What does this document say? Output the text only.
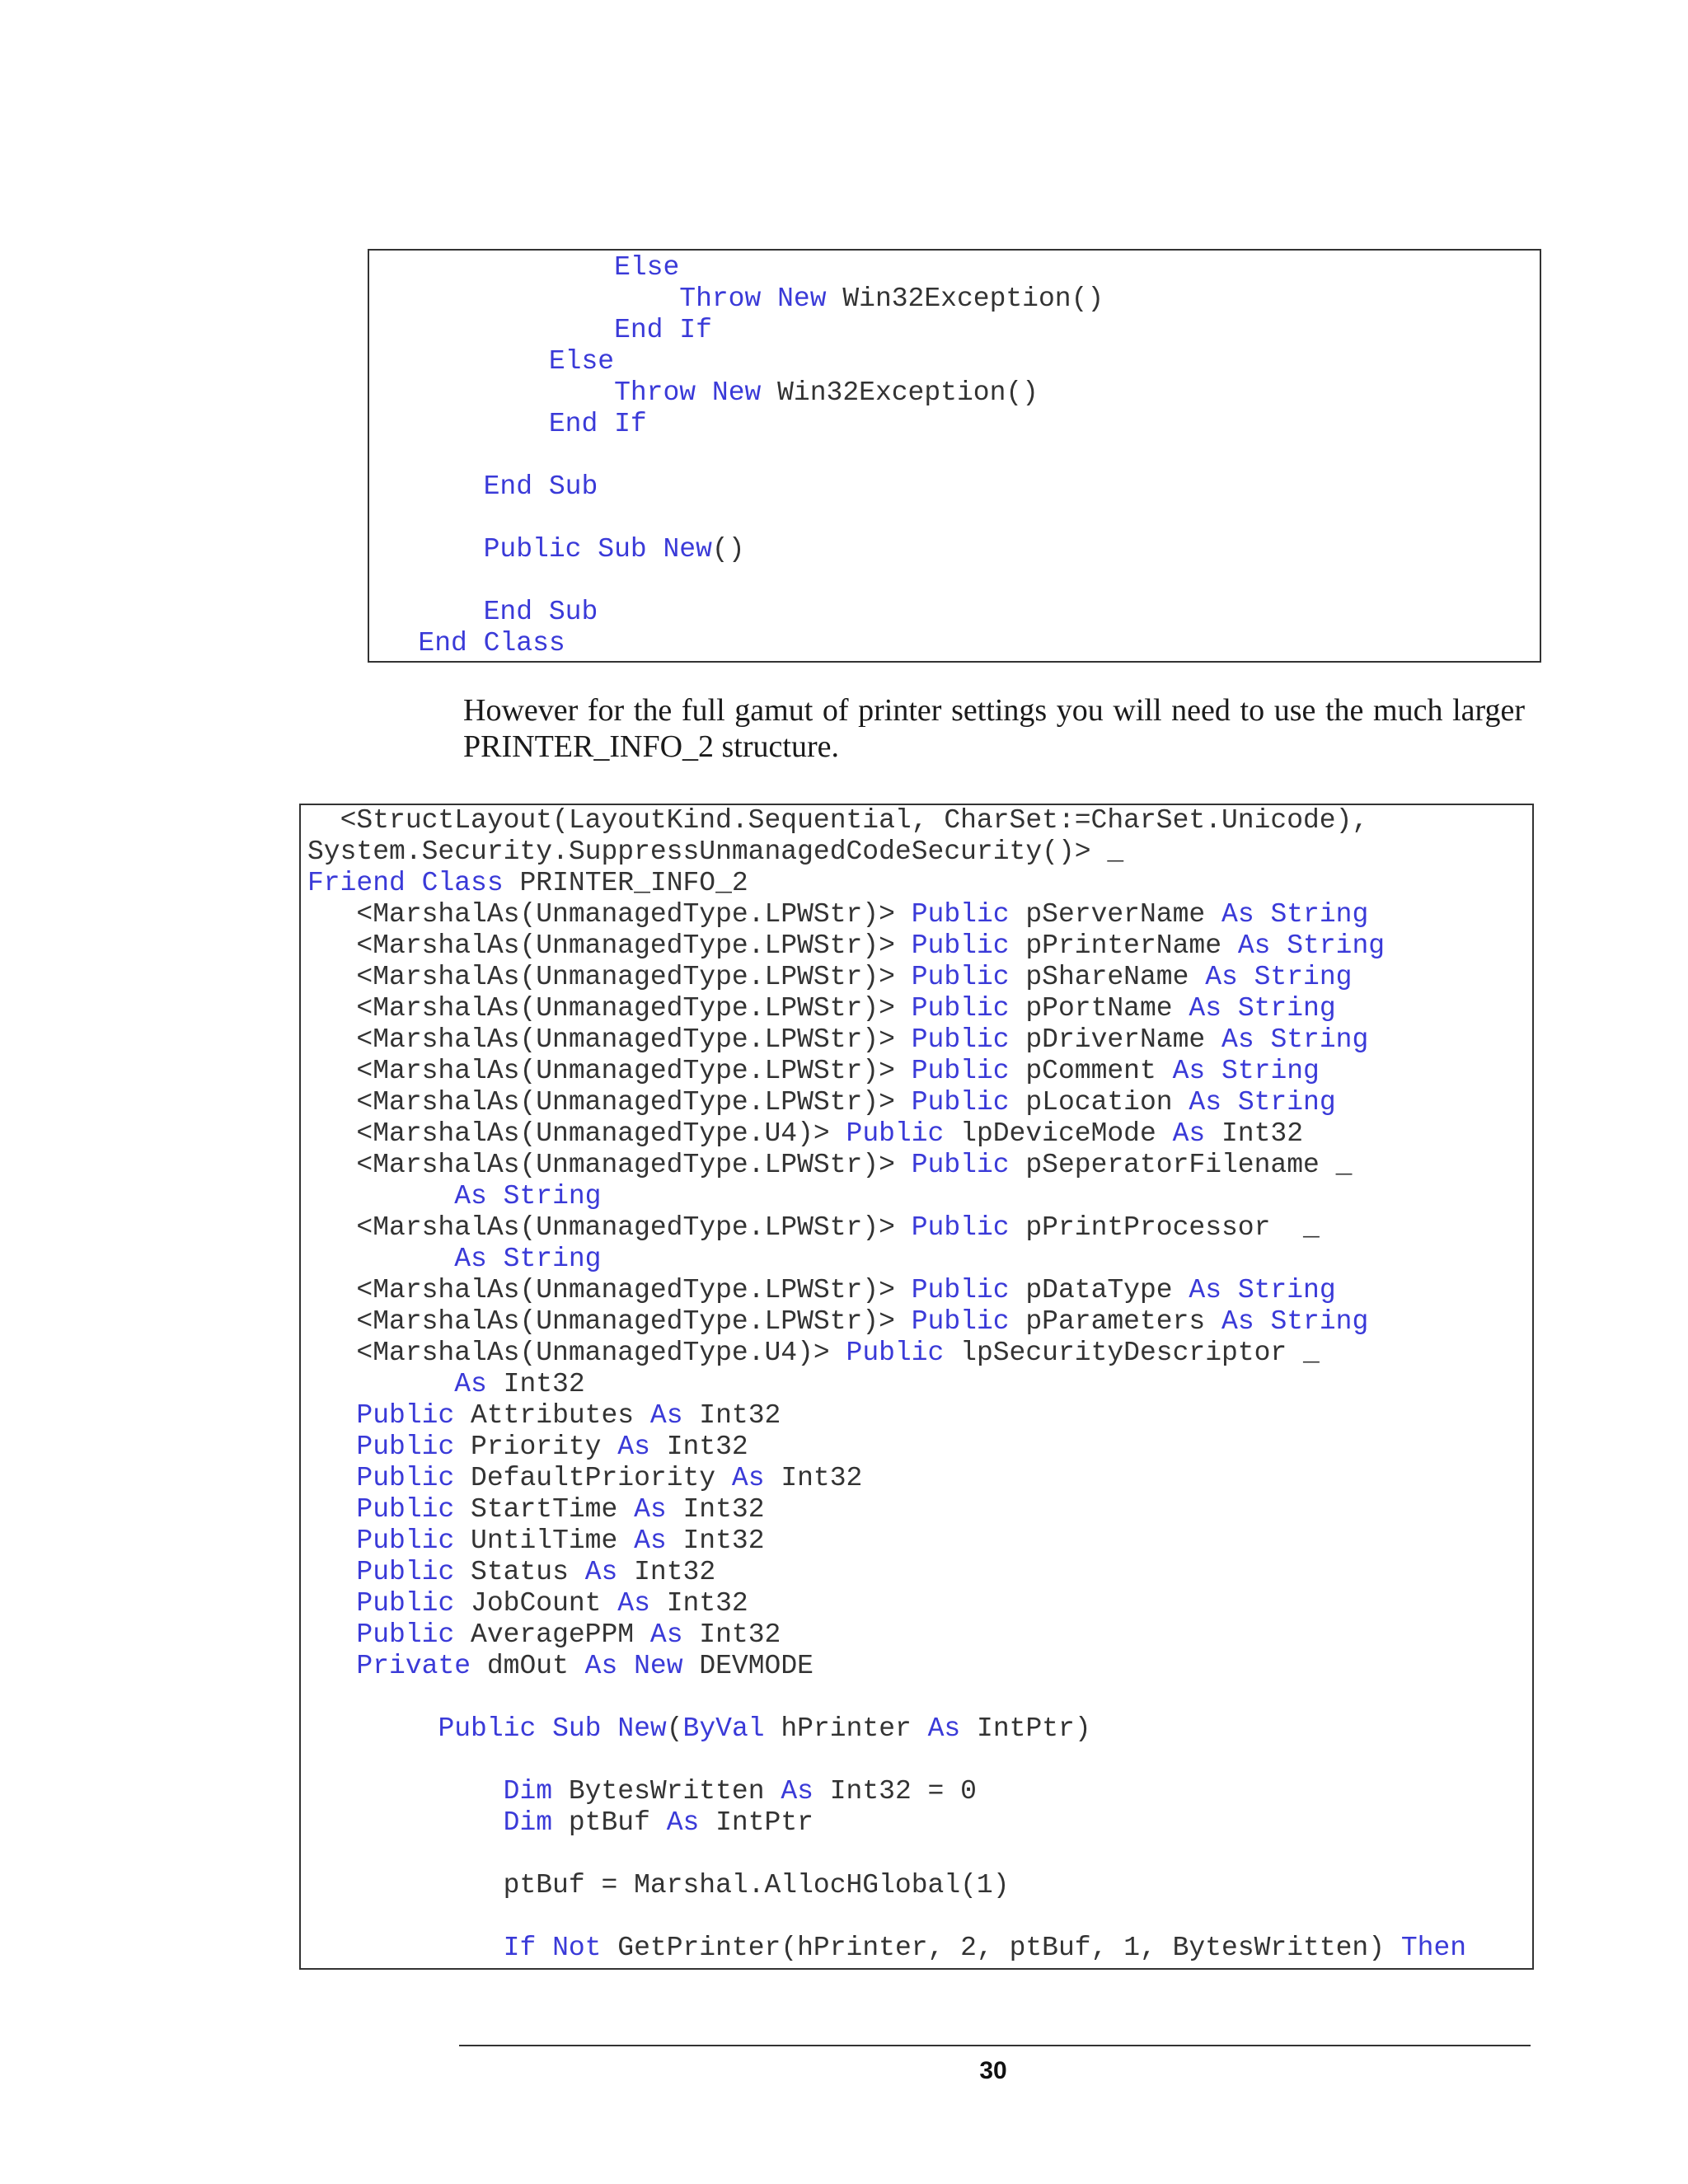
Else
Throw New Win32Exception()
End If
Else
Throw New Win32Exception()
End If

End Sub

Public Sub New()

End Sub
End Class

However for the full gamut of printer settings you will need to use the much larger PRINTER_INFO_2 structure.

<StructLayout(LayoutKind.Sequential, CharSet:=CharSet.Unicode),
System.Security.SuppressUnmanagedCodeSecurity()> _
Friend Class PRINTER_INFO_2
<MarshalAs(UnmanagedType.LPWStr)> Public pServerName As String
<MarshalAs(UnmanagedType.LPWStr)> Public pPrinterName As String
<MarshalAs(UnmanagedType.LPWStr)> Public pShareName As String
<MarshalAs(UnmanagedType.LPWStr)> Public pPortName As String
<MarshalAs(UnmanagedType.LPWStr)> Public pDriverName As String
<MarshalAs(UnmanagedType.LPWStr)> Public pComment As String
<MarshalAs(UnmanagedType.LPWStr)> Public pLocation As String
<MarshalAs(UnmanagedType.U4)> Public lpDeviceMode As Int32
<MarshalAs(UnmanagedType.LPWStr)> Public pSeperatorFilename _
As String
<MarshalAs(UnmanagedType.LPWStr)> Public pPrintProcessor  _
As String
<MarshalAs(UnmanagedType.LPWStr)> Public pDataType As String
<MarshalAs(UnmanagedType.LPWStr)> Public pParameters As String
<MarshalAs(UnmanagedType.U4)> Public lpSecurityDescriptor _
As Int32
Public Attributes As Int32
Public Priority As Int32
Public DefaultPriority As Int32
Public StartTime As Int32
Public UntilTime As Int32
Public Status As Int32
Public JobCount As Int32
Public AveragePPM As Int32
Private dmOut As New DEVMODE

Public Sub New(ByVal hPrinter As IntPtr)

Dim BytesWritten As Int32 = 0
Dim ptBuf As IntPtr

ptBuf = Marshal.AllocHGlobal(1)

If Not GetPrinter(hPrinter, 2, ptBuf, 1, BytesWritten) Then
30
